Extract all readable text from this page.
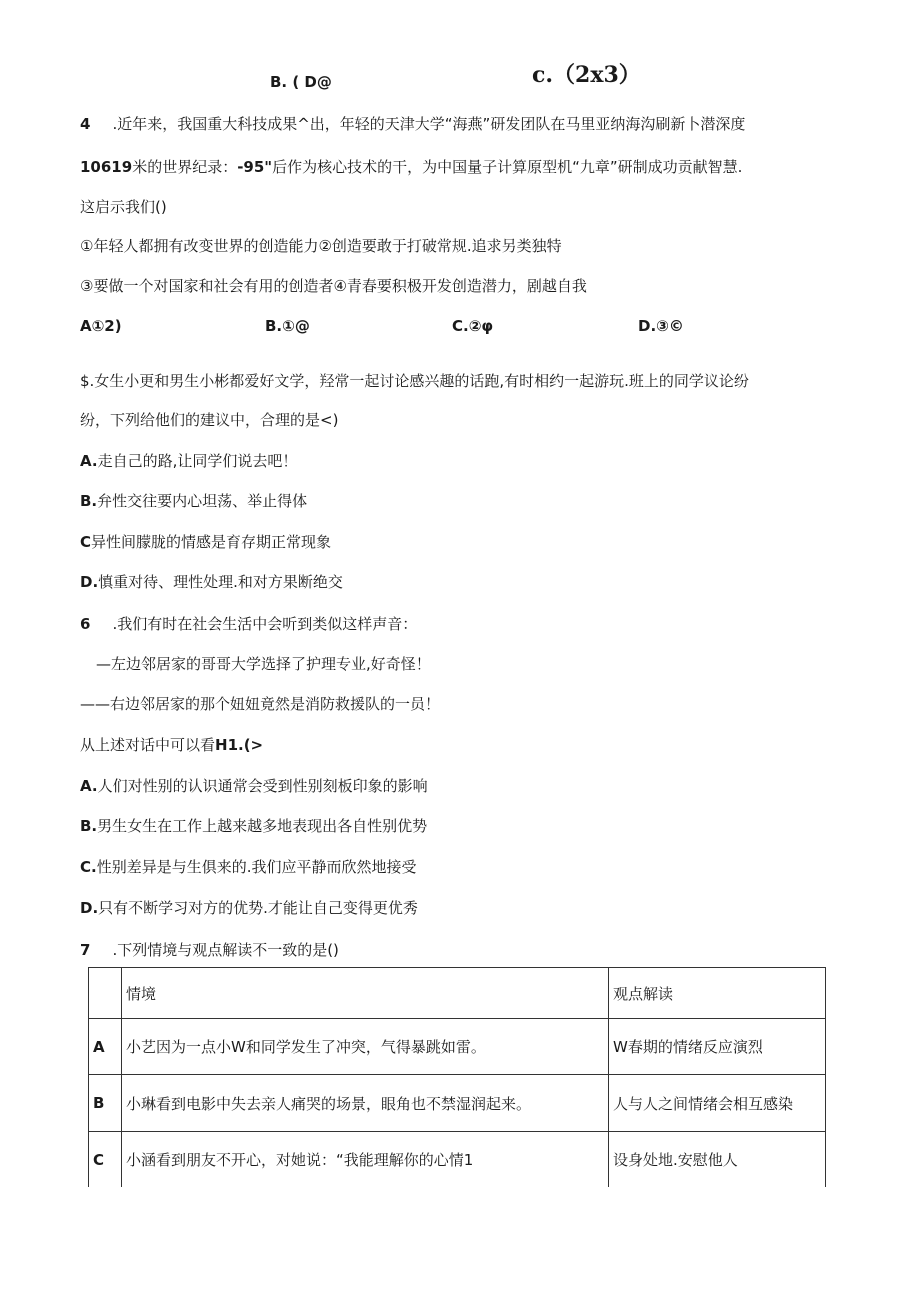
B. ( D@	c.（2x3）
4 .近年来，我国重大科技成果^出，年轻的天津大学“海燕”研发团队在马里亚纳海沟刷新卜潜深度
10619米的世界纪录：-95"后作为核心技术的干，为中国量子计算原型机“九章”研制成功贡献智慧.
这启示我们()
①年轻人都拥有改变世界的创造能力②创造要敢于打破常规.追求另类独特
③要做一个对国家和社会有用的创造者④青春要积极开发创造潜力，剧越自我
A①2)	B.①@	C.②φ	D.③©
$.女生小更和男生小彬都爱好文学，羟常一起讨论感兴趣的话跑,有时相约一起游玩.班上的同学议论纷
纷，下列给他们的建议中，合理的是<)
A.走自己的路,让同学们说去吧！
B.弁性交往要内心坦荡、举止得体
C异性间朦胧的情感是育存期正常现象
D.慎重对待、理性处理.和对方果断绝交
6 .我们有时在社会生活中会听到类似这样声音：
—左边邻居家的哥哥大学选择了护理专业,好奇怪！
——右边邻居家的那个妞妞竟然是消防救援队的一员！
从上述对话中可以看H1.(>
A.人们对性别的认识通常会受到性别刻板印象的影响
B.男生女生在工作上越来越多地表现出各自性别优势
C.性别差异是与生俱来的.我们应平静而欣然地接受
D.只有不断学习对方的优势.才能让自己变得更优秀
7 .下列情境与观点解读不一致的是()
	情境	观点解读
A	小艺因为一点小W和同学发生了冲突，气得暴跳如雷。	W春期的情绪反应演烈
B	小琳看到电影中失去亲人痛哭的场景，眼角也不禁湿润起来。	人与人之间情绪会相互感染
C	小涵看到朋友不开心，对她说：“我能理解你的心情1	设身处地.安慰他人
